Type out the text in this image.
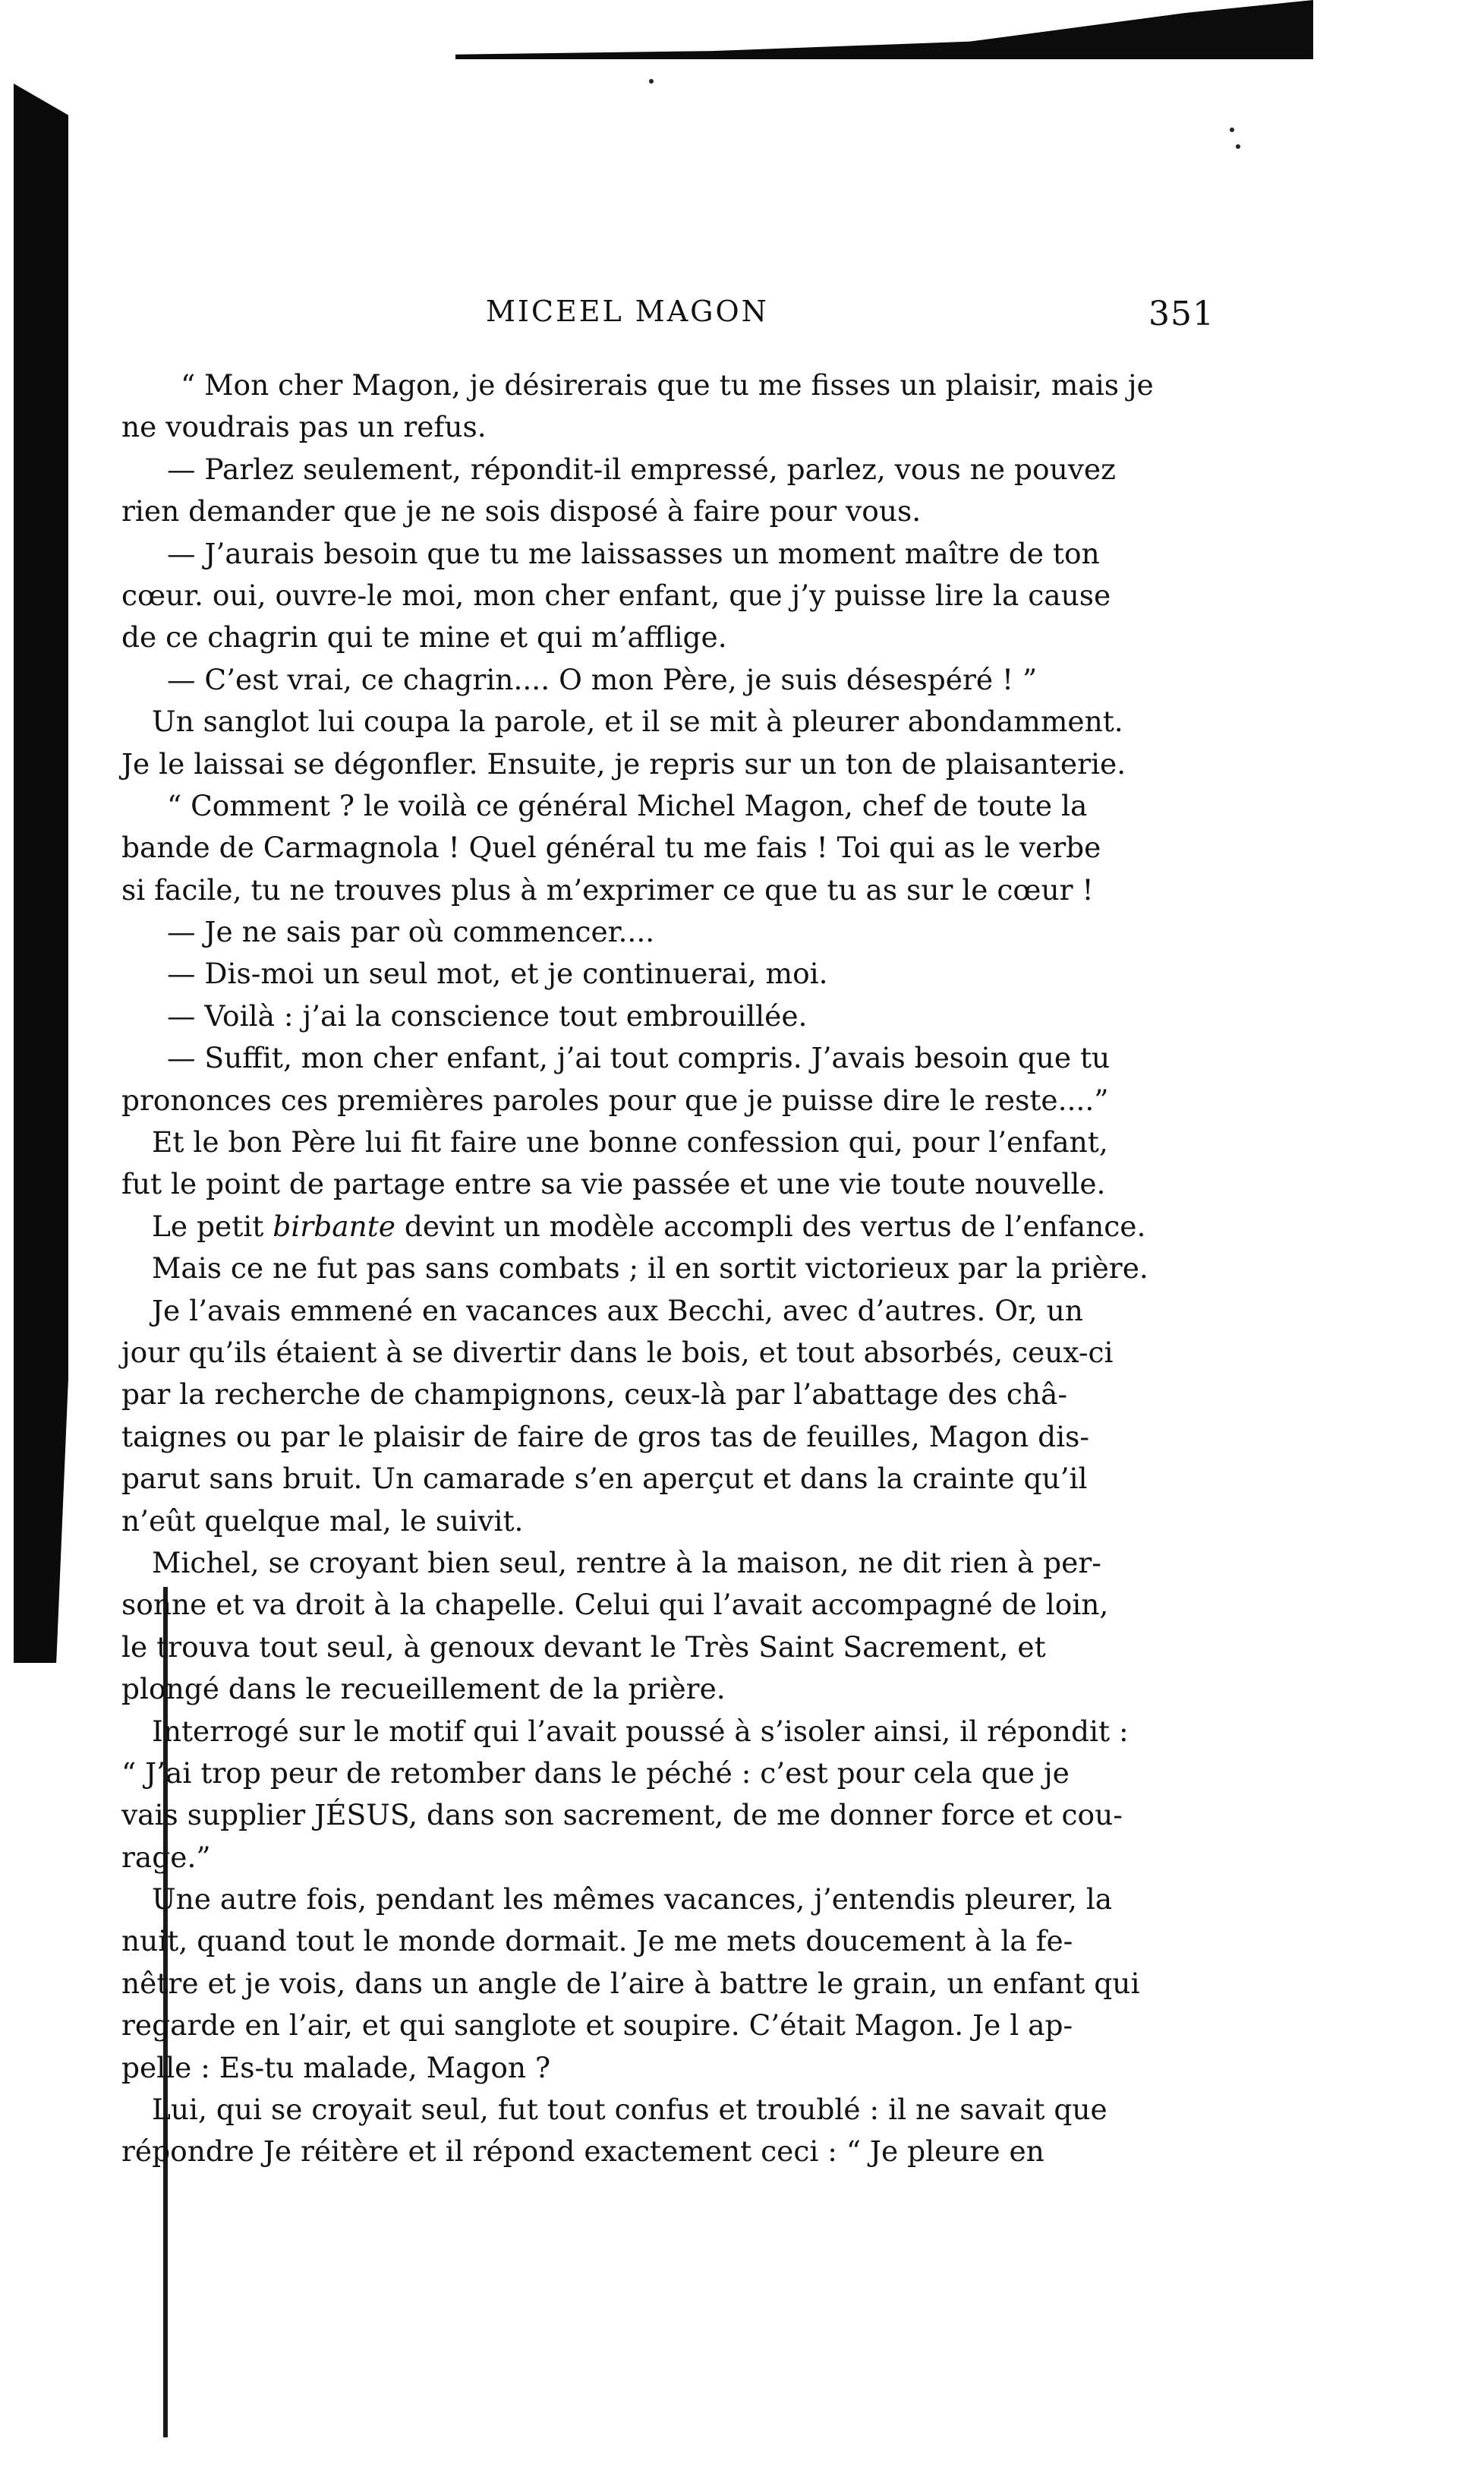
MICEEL MAGON	351
“ Mon cher Magon, je désirerais que tu me fisses un plaisir, mais je
ne voudrais pas un refus.
— Parlez seulement, répondit-il empressé, parlez, vous ne pouvez
rien demander que je ne sois disposé à faire pour vous.
— J’aurais besoin que tu me laissasses un moment maître de ton
cœur. oui, ouvre-le moi, mon cher enfant, que j’y puisse lire la cause
de ce chagrin qui te mine et qui m’afflige.
— C’est vrai, ce chagrin.... O mon Père, je suis désespéré ! ”
Un sanglot lui coupa la parole, et il se mit à pleurer abondamment.
Je le laissai se dégonfler. Ensuite, je repris sur un ton de plaisanterie.
“ Comment ? le voilà ce général Michel Magon, chef de toute la
bande de Carmagnola ! Quel général tu me fais ! Toi qui as le verbe
si facile, tu ne trouves plus à m’exprimer ce que tu as sur le cœur !
— Je ne sais par où commencer....
— Dis-moi un seul mot, et je continuerai, moi.
— Voilà : j’ai la conscience tout embrouillée.
— Suffit, mon cher enfant, j’ai tout compris. J’avais besoin que tu
prononces ces premières paroles pour que je puisse dire le reste....”
Et le bon Père lui fit faire une bonne confession qui, pour l’enfant,
fut le point de partage entre sa vie passée et une vie toute nouvelle.
Le petit birbante devint un modèle accompli des vertus de l’enfance.
Mais ce ne fut pas sans combats ; il en sortit victorieux par la prière.
Je l’avais emmené en vacances aux Becchi, avec d’autres. Or, un
jour qu’ils étaient à se divertir dans le bois, et tout absorbés, ceux-ci
par la recherche de champignons, ceux-là par l’abattage des châ-
taignes ou par le plaisir de faire de gros tas de feuilles, Magon dis-
parut sans bruit. Un camarade s’en aperçut et dans la crainte qu’il
n’eût quelque mal, le suivit.
Michel, se croyant bien seul, rentre à la maison, ne dit rien à per-
sonne et va droit à la chapelle. Celui qui l’avait accompagné de loin,
le trouva tout seul, à genoux devant le Très Saint Sacrement, et
plongé dans le recueillement de la prière.
Interrogé sur le motif qui l’avait poussé à s’isoler ainsi, il répondit :
“ J’ai trop peur de retomber dans le péché : c’est pour cela que je
vais supplier JÉSUS, dans son sacrement, de me donner force et cou-
rage.”
Une autre fois, pendant les mêmes vacances, j’entendis pleurer, la
nuit, quand tout le monde dormait. Je me mets doucement à la fe-
nêtre et je vois, dans un angle de l’aire à battre le grain, un enfant qui
regarde en l’air, et qui sanglote et soupire. C’était Magon. Je l ap-
pelle : Es-tu malade, Magon ?
Lui, qui se croyait seul, fut tout confus et troublé : il ne savait que
répondre Je réitère et il répond exactement ceci : “ Je pleure en
